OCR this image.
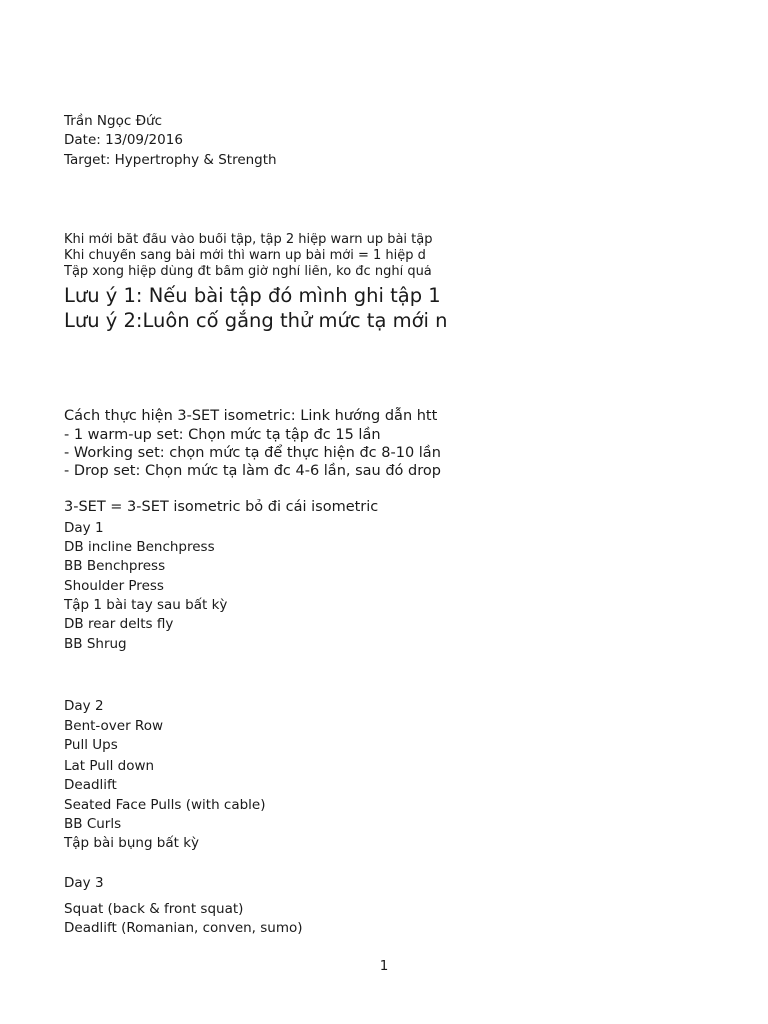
Trần Ngọc Đức
Date: 13/09/2016
Target: Hypertrophy & Strength
Khi mới bắt đầu vào buổi tập, tập 2 hiệp warn up bài tập
Khi chuyển sang bài mới thì warn up bài mới = 1 hiệp d
Tập xong hiệp dùng đt bấm giờ nghỉ liền, ko đc nghỉ quá
Lưu ý 1: Nếu bài tập đó mình ghi tập 1
Lưu ý 2:Luôn cố gắng thử mức tạ mới n
Cách thực hiện 3-SET isometric: Link hướng dẫn htt
- 1 warm-up set: Chọn mức tạ tập đc 15 lần
- Working set: chọn mức tạ để thực hiện đc 8-10 lần
- Drop set: Chọn mức tạ làm đc 4-6 lần, sau đó drop
3-SET = 3-SET isometric bỏ đi cái isometric
Day 1
DB incline Benchpress
BB Benchpress
Shoulder Press
Tập 1 bài tay sau bất kỳ
DB rear delts fly
BB Shrug
Day 2
Bent-over Row
Pull Ups
Lat Pull down
Deadlift
Seated Face Pulls (with cable)
BB Curls
Tập bài bụng bất kỳ
Day 3
Squat (back & front squat)
Deadlift (Romanian, conven, sumo)
1
